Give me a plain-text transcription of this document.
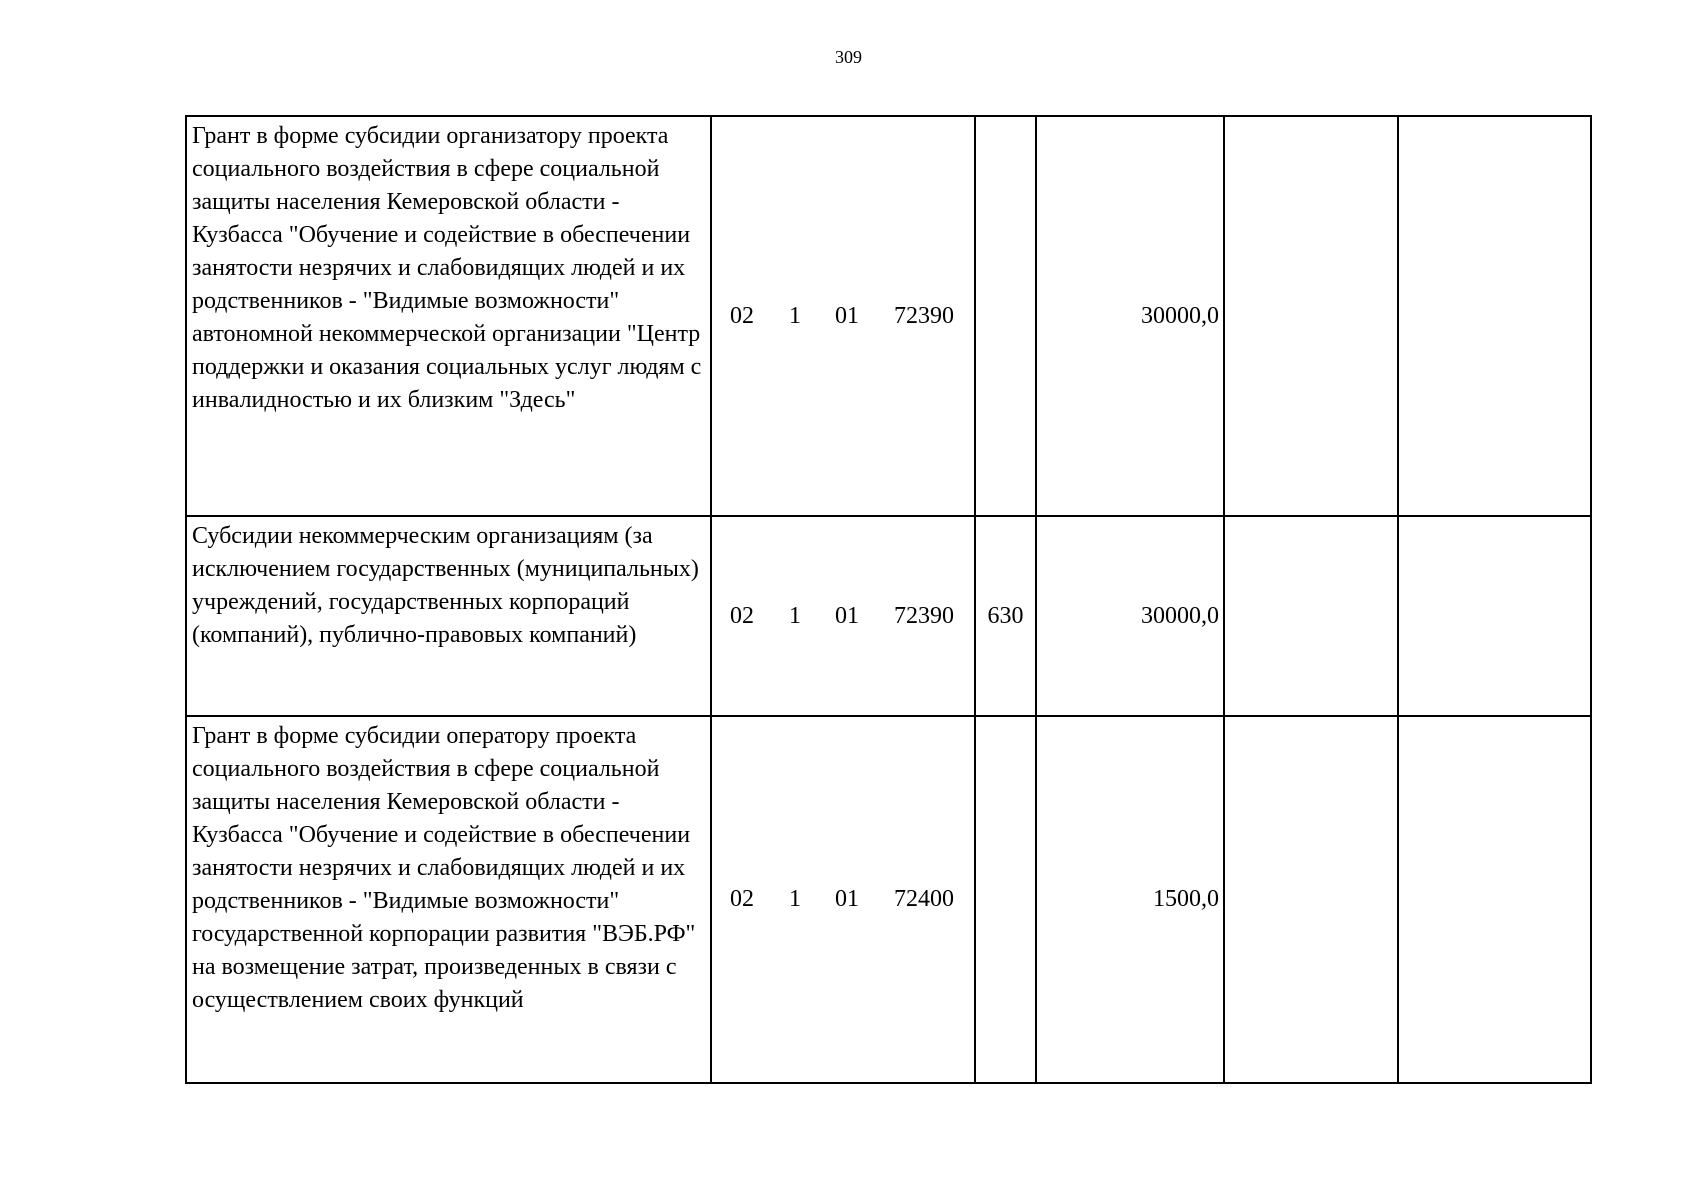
309
Грант в форме субсидии организатору проекта социального воздействия в сфере социальной защиты населения Кемеровской области - Кузбасса "Обучение и содействие в обеспечении занятости незрячих и слабовидящих людей и их родственников - "Видимые возможности" автономной некоммерческой организации "Центр поддержки и оказания социальных услуг людям с инвалидностью и их близким "Здесь"	02 1 01 72390		30000,0		
Субсидии некоммерческим организациям (за исключением государственных (муниципальных) учреждений, государственных корпораций (компаний), публично-правовых компаний)	02 1 01 72390	630	30000,0		
Грант в форме субсидии оператору проекта социального воздействия в сфере социальной защиты населения Кемеровской области - Кузбасса "Обучение и содействие в обеспечении занятости незрячих и слабовидящих людей и их родственников - "Видимые возможности" государственной корпорации развития "ВЭБ.РФ" на возмещение затрат, произведенных в связи с осуществлением своих функций	02 1 01 72400		1500,0		
